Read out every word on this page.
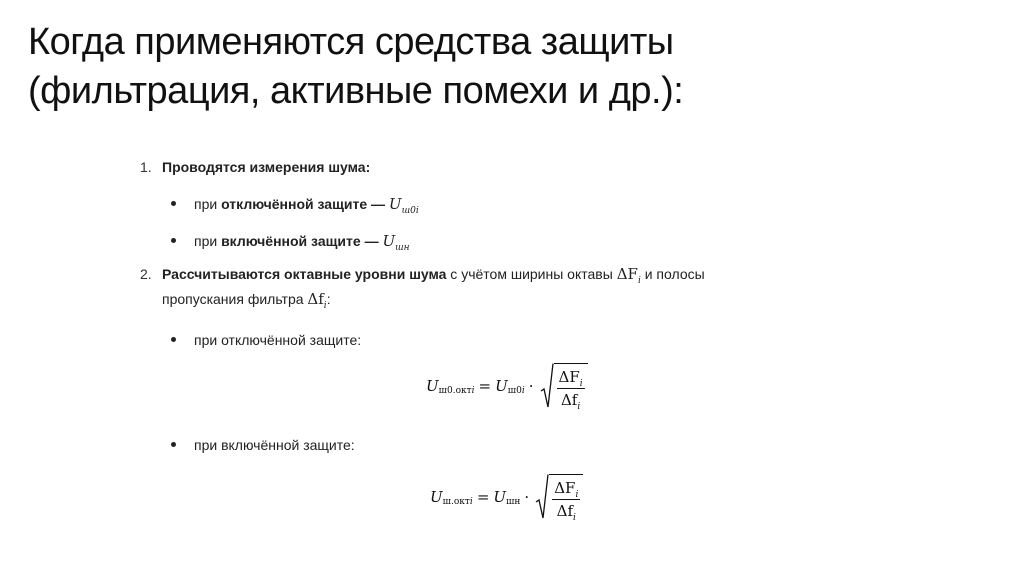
Когда применяются средства защиты
(фильтрация, активные помехи и др.):
1. Проводятся измерения шума:
при отключённой защите — $U_{ш0i}$
при включённой защите — $U_{шн}$
2. Рассчитываются октавные уровни шума с учётом ширины октавы $\Delta F_i$ и полосы
пропускания фильтра $\Delta f_i$:
при отключённой защите:
при включённой защите:
U ш0.октi = U $ш0i \cdot \Delta F_i$
$\Delta f_i$
U ш.октi = U шн · $\Delta F_i$
$\Delta f_i$
